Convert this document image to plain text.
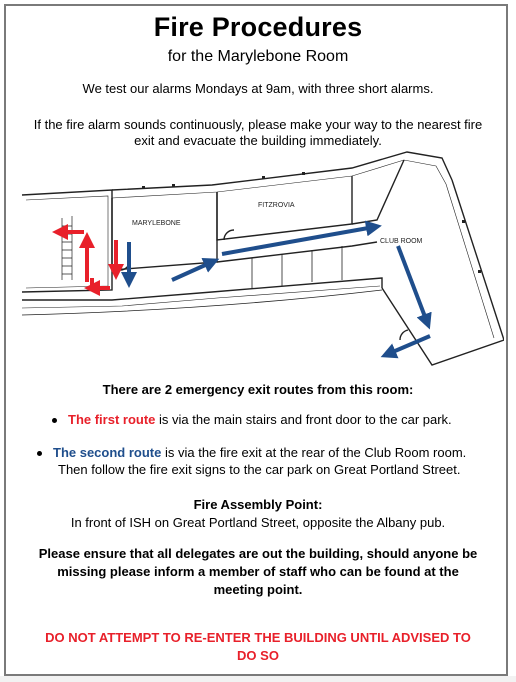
Fire Procedures
for the Marylebone Room
We test our alarms Mondays at 9am, with three short alarms.
If the fire alarm sounds continuously, please make your way to the nearest fire
exit and evacuate the building immediately.
MARYLEBONE
FITZROVIA
CLUB ROOM
There are 2 emergency exit routes from this room:
The first route is via the main stairs and front door to the car park.
The second route is via the fire exit at the rear of the Club Room room.
Then follow the fire exit signs to the car park on Great Portland Street.
Fire Assembly Point:
In front of ISH on Great Portland Street, opposite the Albany pub.
Please ensure that all delegates are out the building, should anyone be
missing please inform a member of staff who can be found at the
meeting point.
DO NOT ATTEMPT TO RE-ENTER THE BUILDING UNTIL ADVISED TO
DO SO
